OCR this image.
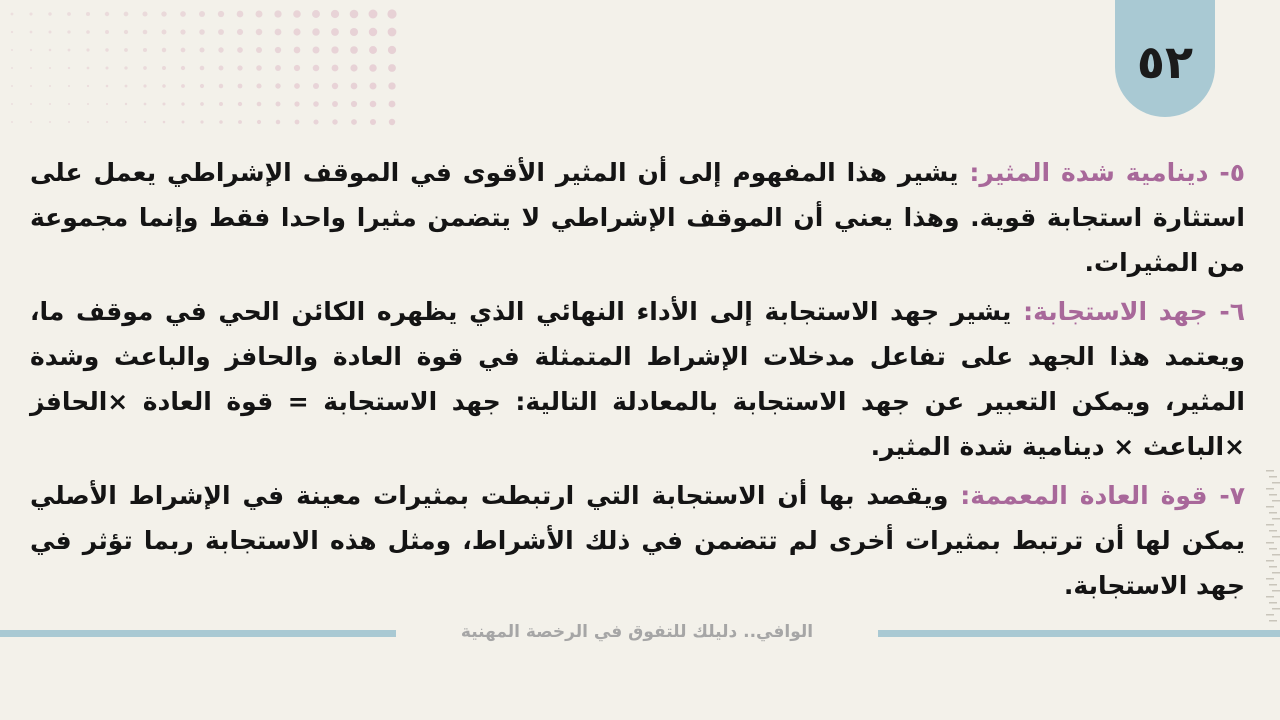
٥٢

٥- دينامية شدة المثير: يشير هذا المفهوم إلى أن المثير الأقوى في الموقف الإشراطي يعمل على استثارة استجابة قوية. وهذا يعني أن الموقف الإشراطي لا يتضمن مثيرا واحدا فقط وإنما مجموعة من المثيرات.

٦- جهد الاستجابة: يشير جهد الاستجابة إلى الأداء النهائي الذي يظهره الكائن الحي في موقف ما، ويعتمد هذا الجهد على تفاعل مدخلات الإشراط المتمثلة في قوة العادة والحافز والباعث وشدة المثير، ويمكن التعبير عن جهد الاستجابة بالمعادلة التالية: جهد الاستجابة = قوة العادة ×الحافز ×الباعث × دينامية شدة المثير.

٧- قوة العادة المعممة: ويقصد بها أن الاستجابة التي ارتبطت بمثيرات معينة في الإشراط الأصلي يمكن لها أن ترتبط بمثيرات أخرى لم تتضمن في ذلك الأشراط، ومثل هذه الاستجابة ربما تؤثر في جهد الاستجابة.

الوافي.. دليلك للتفوق في الرخصة المهنية
